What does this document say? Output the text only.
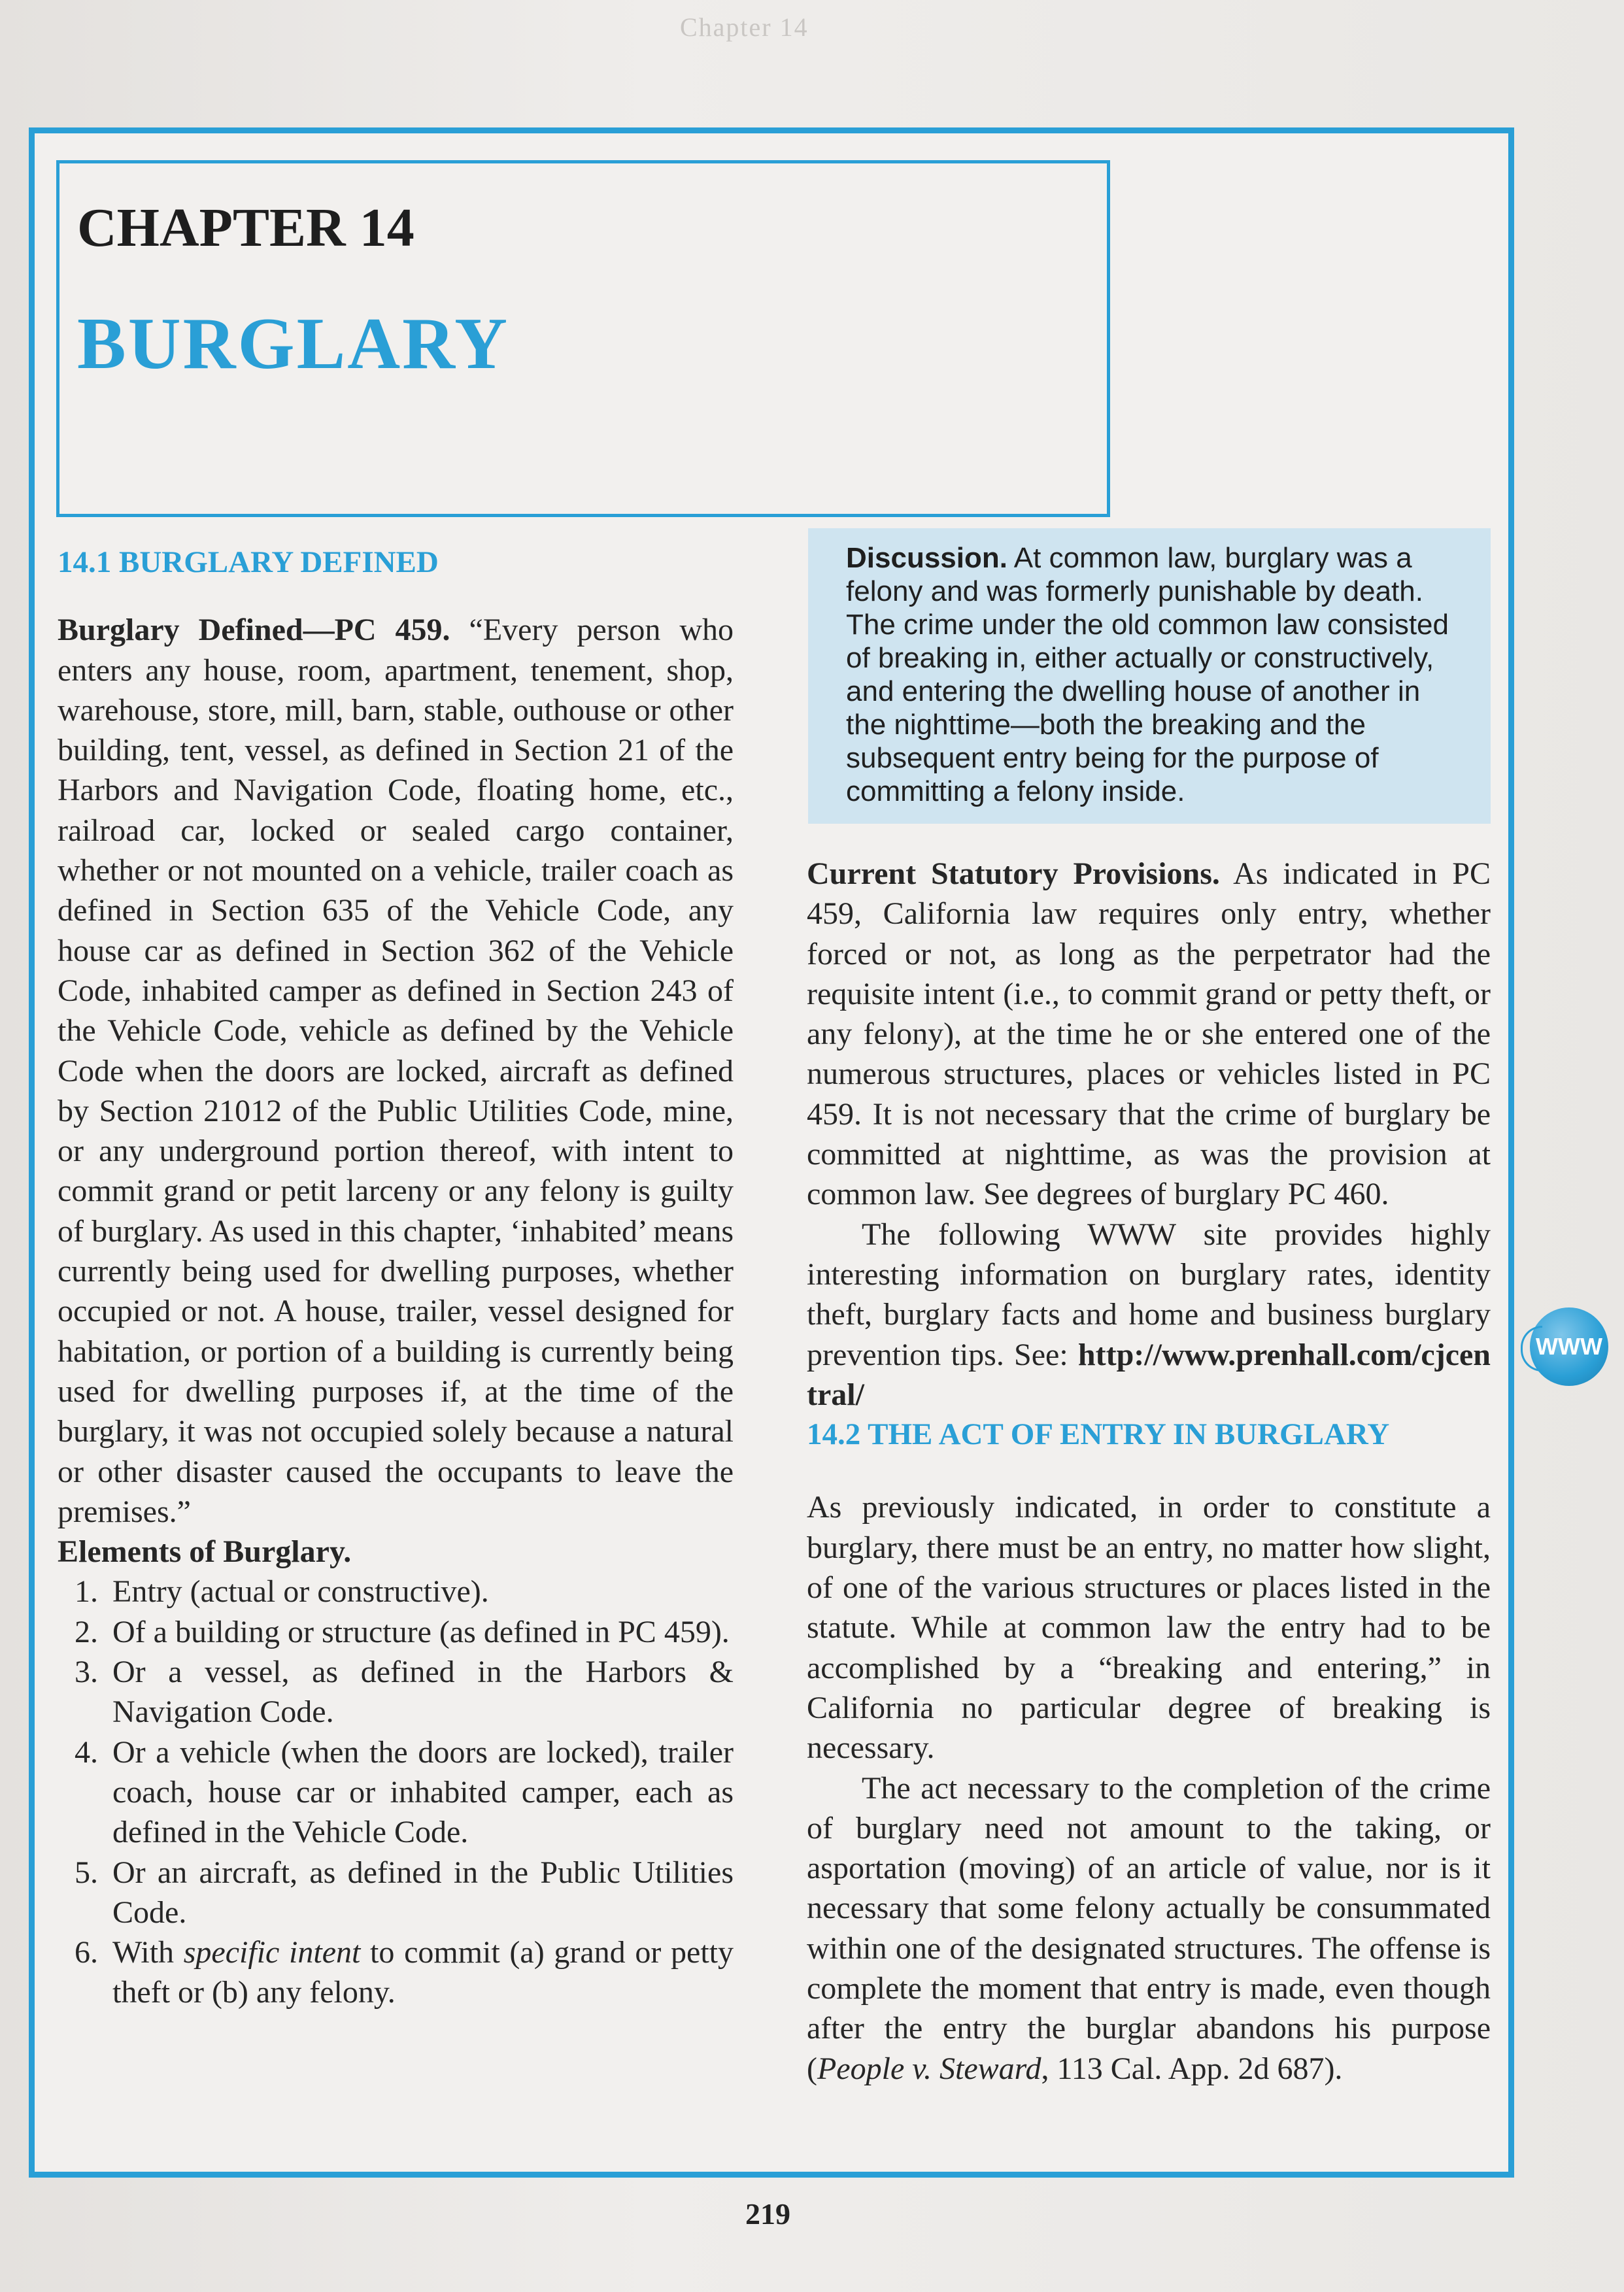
Chapter 14
CHAPTER 14
BURGLARY

14.1 BURGLARY DEFINED

Burglary Defined—PC 459. “Every person who enters any house, room, apartment, tenement, shop, warehouse, store, mill, barn, stable, outhouse or other building, tent, vessel, as defined in Section 21 of the Harbors and Navigation Code, floating home, etc., railroad car, locked or sealed cargo container, whether or not mounted on a vehicle, trailer coach as defined in Section 635 of the Vehicle Code, any house car as defined in Section 362 of the Vehicle Code, inhabited camper as defined in Section 243 of the Vehicle Code, vehicle as defined by the Vehicle Code when the doors are locked, aircraft as defined by Section 21012 of the Public Utilities Code, mine, or any underground portion thereof, with intent to commit grand or petit larceny or any felony is guilty of burglary. As used in this chapter, ‘inhabited’ means currently being used for dwelling purposes, whether occupied or not. A house, trailer, vessel designed for habitation, or portion of a building is currently being used for dwelling purposes if, at the time of the burglary, it was not occupied solely because a natural or other disaster caused the occupants to leave the premises.”

Elements of Burglary.

1. Entry (actual or constructive).
2. Of a building or structure (as defined in PC 459).
3. Or a vessel, as defined in the Harbors & Navigation Code.
4. Or a vehicle (when the doors are locked), trailer coach, house car or inhabited camper, each as defined in the Vehicle Code.
5. Or an aircraft, as defined in the Public Utilities Code.
6. With specific intent to commit (a) grand or petty theft or (b) any felony.
Discussion. At common law, burglary was a felony and was formerly punishable by death. The crime under the old common law consisted of breaking in, either actually or constructively, and entering the dwelling house of another in the nighttime—both the breaking and the subsequent entry being for the purpose of committing a felony inside.

Current Statutory Provisions. As indicated in PC 459, California law requires only entry, whether forced or not, as long as the perpetrator had the requisite intent (i.e., to commit grand or petty theft, or any felony), at the time he or she entered one of the numerous structures, places or vehicles listed in PC 459. It is not necessary that the crime of burglary be committed at nighttime, as was the provision at common law. See degrees of burglary PC 460.

The following WWW site provides highly interesting information on burglary rates, identity theft, burglary facts and home and business burglary prevention tips. See: http://www.prenhall.com/cjcentral/

14.2 THE ACT OF ENTRY IN BURGLARY

As previously indicated, in order to constitute a burglary, there must be an entry, no matter how slight, of one of the various structures or places listed in the statute. While at common law the entry had to be accomplished by a “breaking and entering,” in California no particular degree of breaking is necessary.

The act necessary to the completion of the crime of burglary need not amount to the taking, or asportation (moving) of an article of value, nor is it necessary that some felony actually be consummated within one of the designated structures. The offense is complete the moment that entry is made, even though after the entry the burglar abandons his purpose (People v. Steward, 113 Cal. App. 2d 687).

WWW
219
